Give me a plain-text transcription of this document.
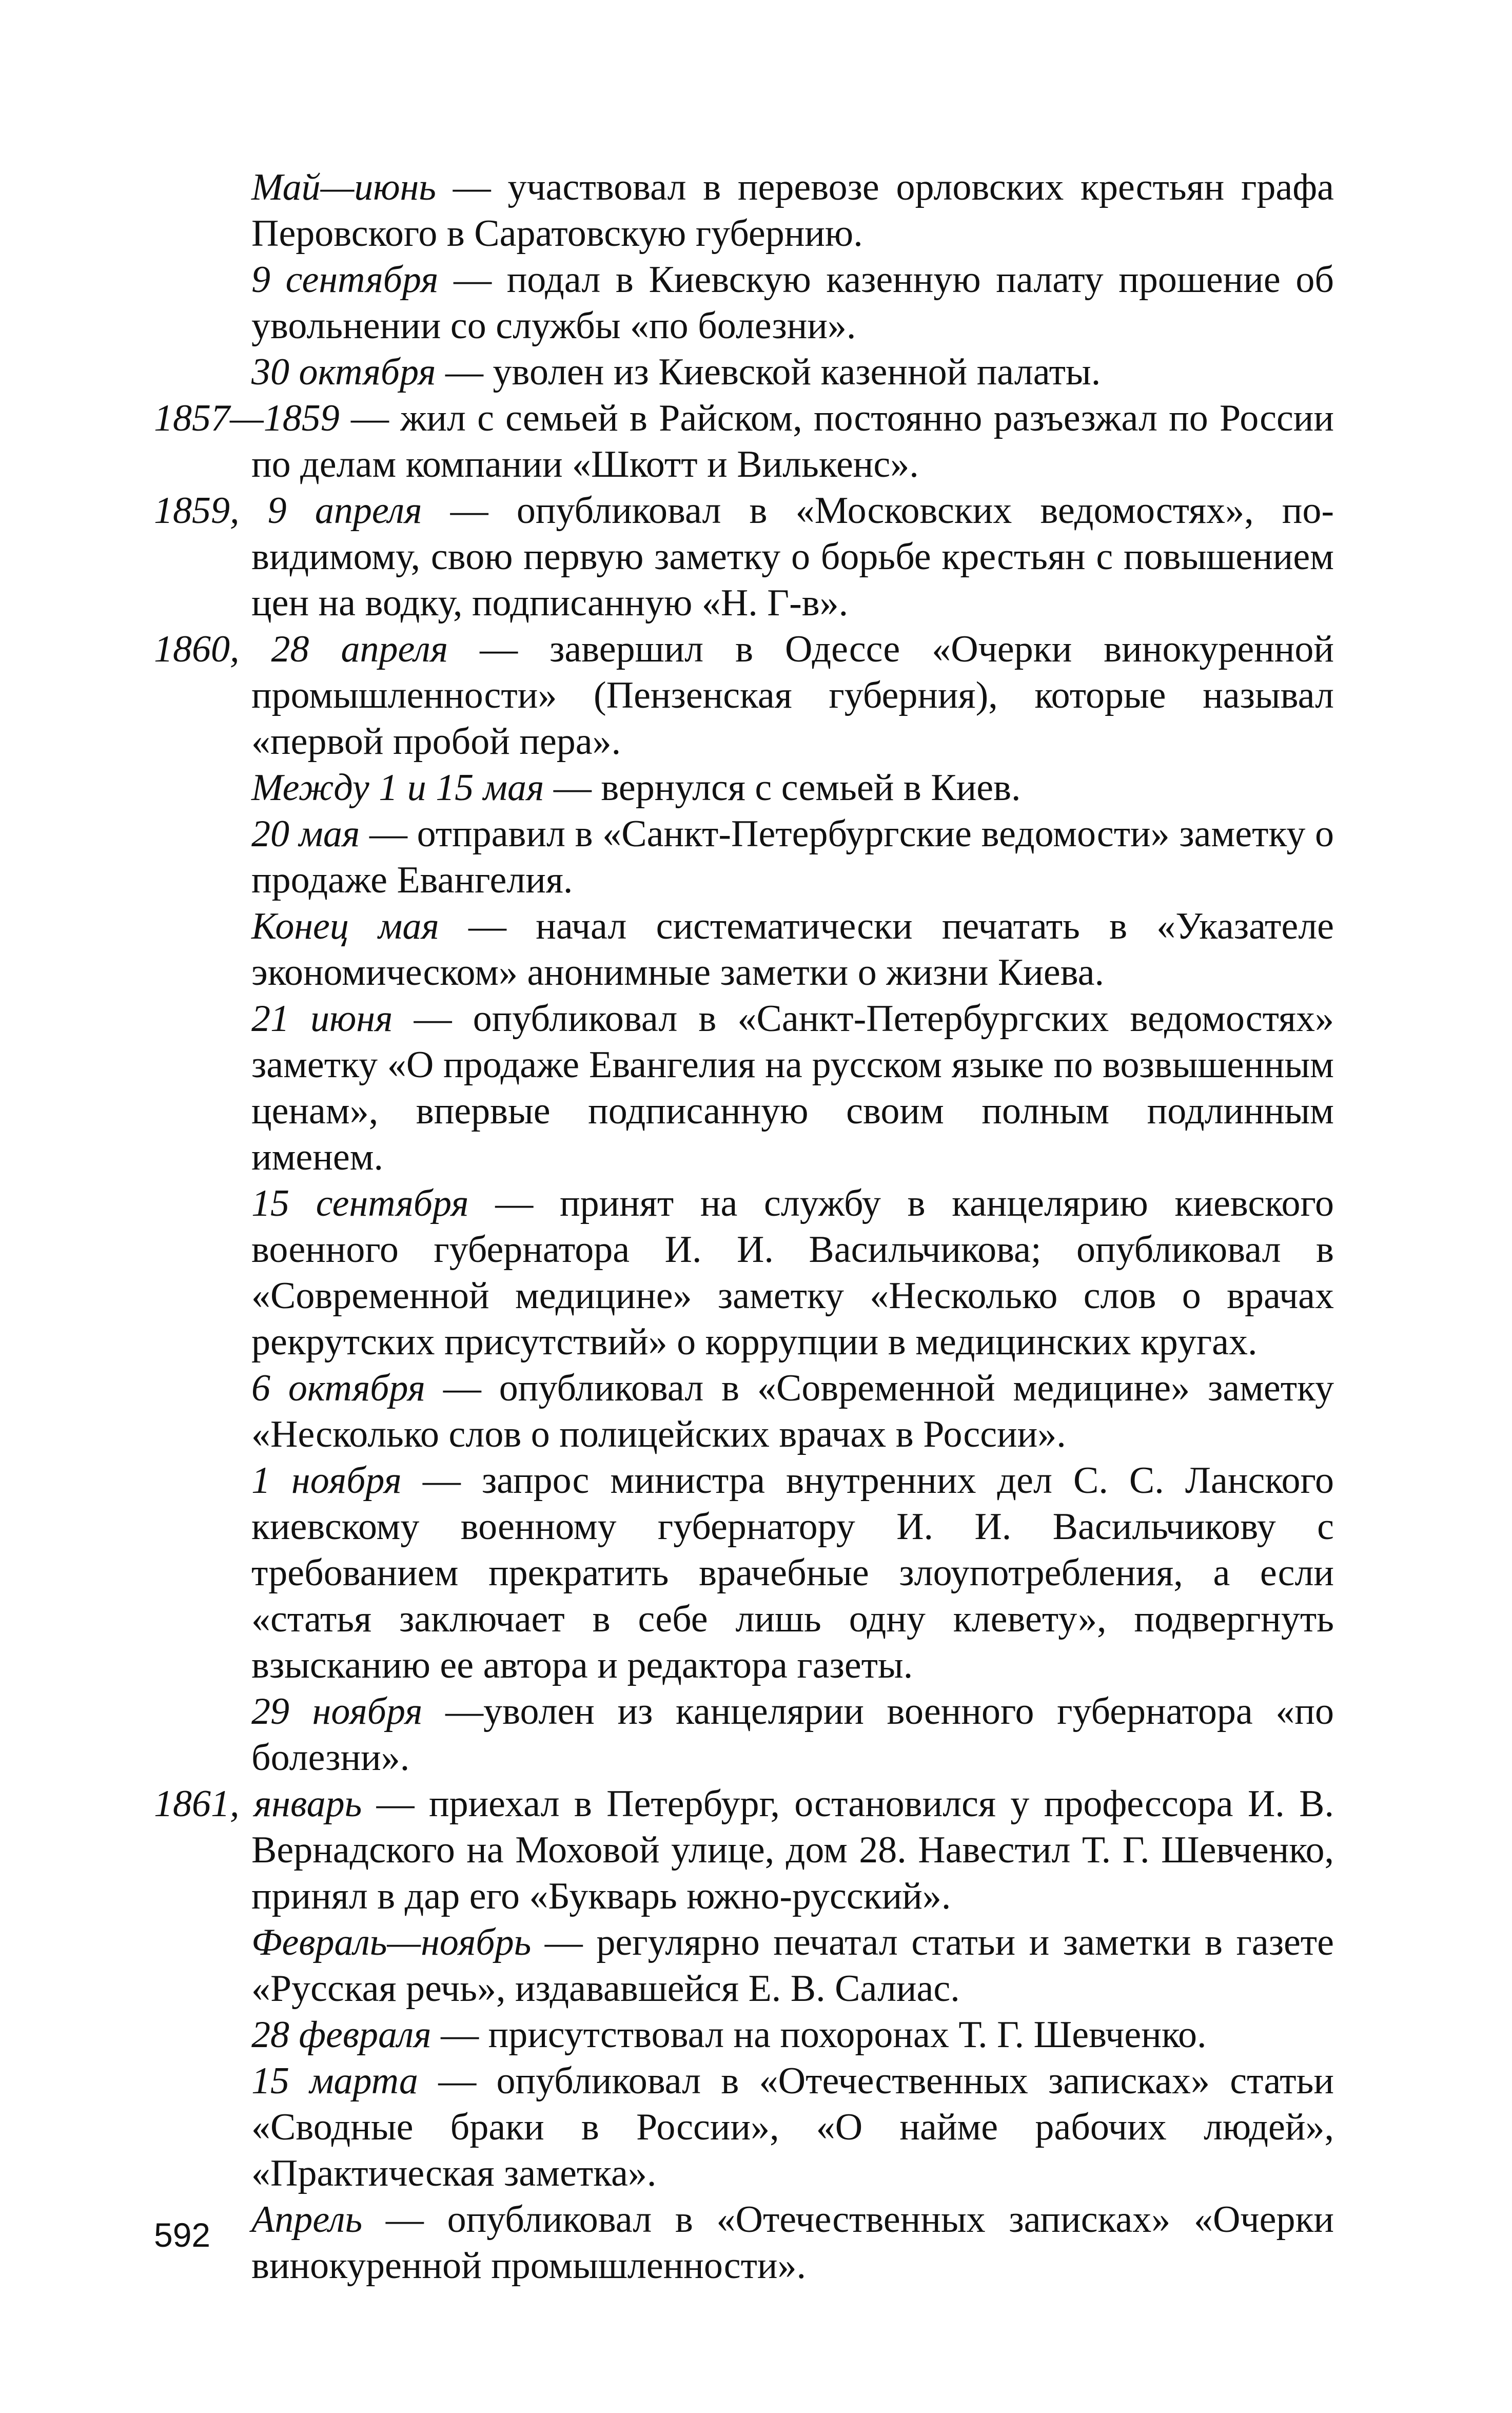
Май—июнь — участвовал в перевозе орловских крестьян графа Перовского в Саратовскую губернию.

9 сентября — подал в Киевскую казенную палату прошение об увольнении со службы «по болезни».

30 октября — уволен из Киевской казенной палаты.

1857—1859 — жил с семьей в Райском, постоянно разъезжал по России по делам компании «Шкотт и Вилькенс».

1859, 9 апреля — опубликовал в «Московских ведомостях», по-видимому, свою первую заметку о борьбе крестьян с повышением цен на водку, подписанную «Н. Г-в».

1860, 28 апреля — завершил в Одессе «Очерки винокуренной промышленности» (Пензенская губерния), которые называл «первой пробой пера».

Между 1 и 15 мая — вернулся с семьей в Киев.

20 мая — отправил в «Санкт-Петербургские ведомости» заметку о продаже Евангелия.

Конец мая — начал систематически печатать в «Указателе экономическом» анонимные заметки о жизни Киева.

21 июня — опубликовал в «Санкт-Петербургских ведомостях» заметку «О продаже Евангелия на русском языке по возвышенным ценам», впервые подписанную своим полным подлинным именем.

15 сентября — принят на службу в канцелярию киевского военного губернатора И. И. Васильчикова; опубликовал в «Современной медицине» заметку «Несколько слов о врачах рекрутских присутствий» о коррупции в медицинских кругах.

6 октября — опубликовал в «Современной медицине» заметку «Несколько слов о полицейских врачах в России».

1 ноября — запрос министра внутренних дел С. С. Ланского киевскому военному губернатору И. И. Васильчикову с требованием прекратить врачебные злоупотребления, а если «статья заключает в себе лишь одну клевету», подвергнуть взысканию ее автора и редактора газеты.

29 ноября —уволен из канцелярии военного губернатора «по болезни».

1861, январь — приехал в Петербург, остановился у профессора И. В. Вернадского на Моховой улице, дом 28. Навестил Т. Г. Шевченко, принял в дар его «Букварь южно-русский».

Февраль—ноябрь — регулярно печатал статьи и заметки в газете «Русская речь», издававшейся Е. В. Салиас.

28 февраля — присутствовал на похоронах Т. Г. Шевченко.

15 марта — опубликовал в «Отечественных записках» статьи «Сводные браки в России», «О найме рабочих людей», «Практическая заметка».

Апрель — опубликовал в «Отечественных записках» «Очерки винокуренной промышленности».

592
